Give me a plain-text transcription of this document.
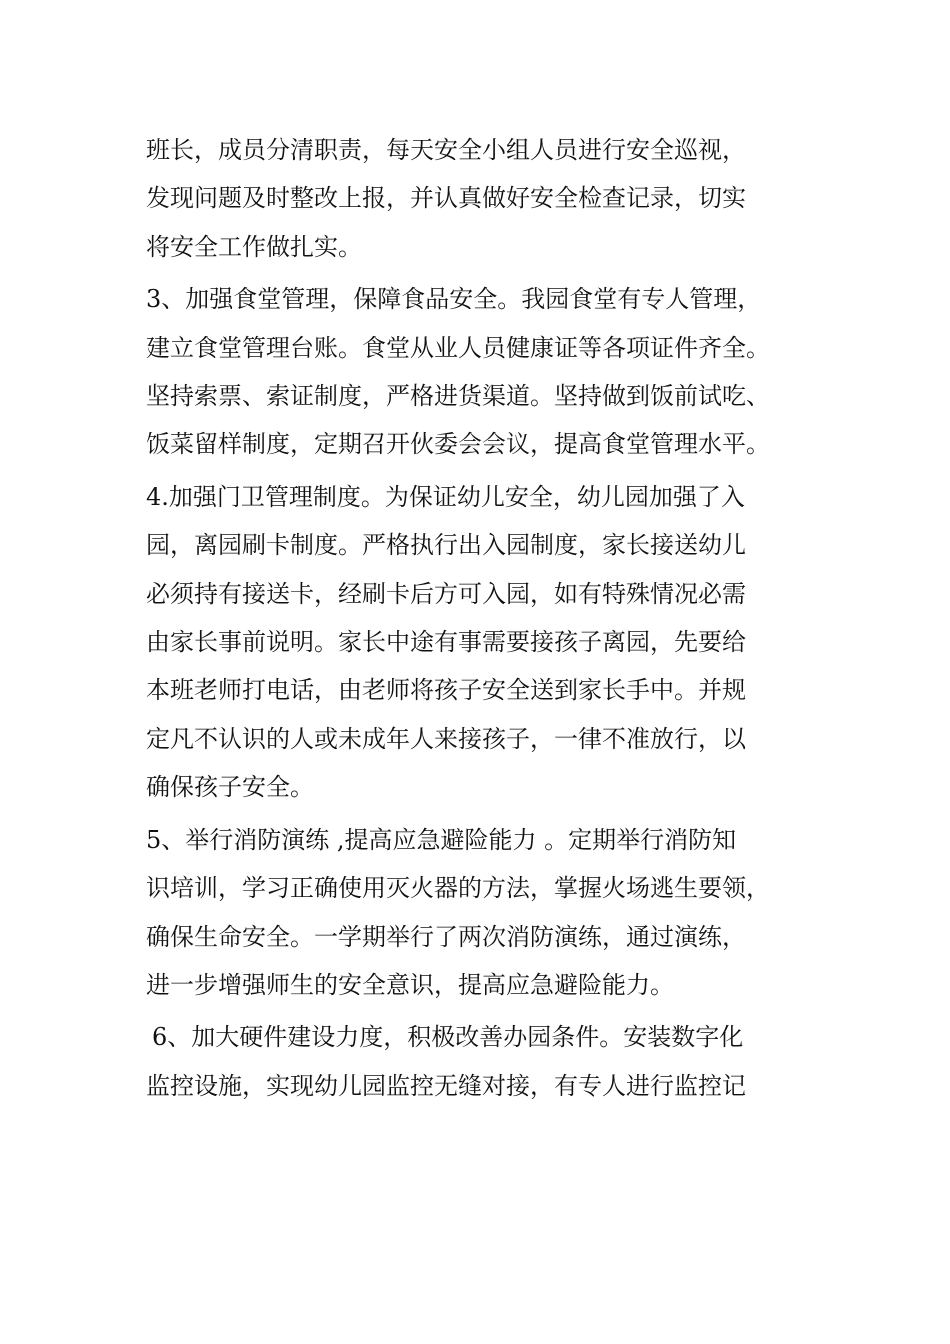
班长，成员分清职责，每天安全小组人员进行安全巡视，
发现问题及时整改上报，并认真做好安全检查记录，切实
将安全工作做扎实。

3、加强食堂管理，保障食品安全。我园食堂有专人管理，
建立食堂管理台账。食堂从业人员健康证等各项证件齐全。
坚持索票、索证制度，严格进货渠道。坚持做到饭前试吃、
饭菜留样制度，定期召开伙委会会议，提高食堂管理水平。

4.加强门卫管理制度。为保证幼儿安全，幼儿园加强了入
园，离园刷卡制度。严格执行出入园制度，家长接送幼儿
必须持有接送卡，经刷卡后方可入园，如有特殊情况必需
由家长事前说明。家长中途有事需要接孩子离园，先要给
本班老师打电话，由老师将孩子安全送到家长手中。并规
定凡不认识的人或未成年人来接孩子，一律不准放行，以
确保孩子安全。

5、举行消防演练 ,提高应急避险能力 。定期举行消防知
识培训，学习正确使用灭火器的方法，掌握火场逃生要领，
确保生命安全。一学期举行了两次消防演练，通过演练，
进一步增强师生的安全意识，提高应急避险能力。

6、加大硬件建设力度，积极改善办园条件。安装数字化
监控设施，实现幼儿园监控无缝对接，有专人进行监控记
